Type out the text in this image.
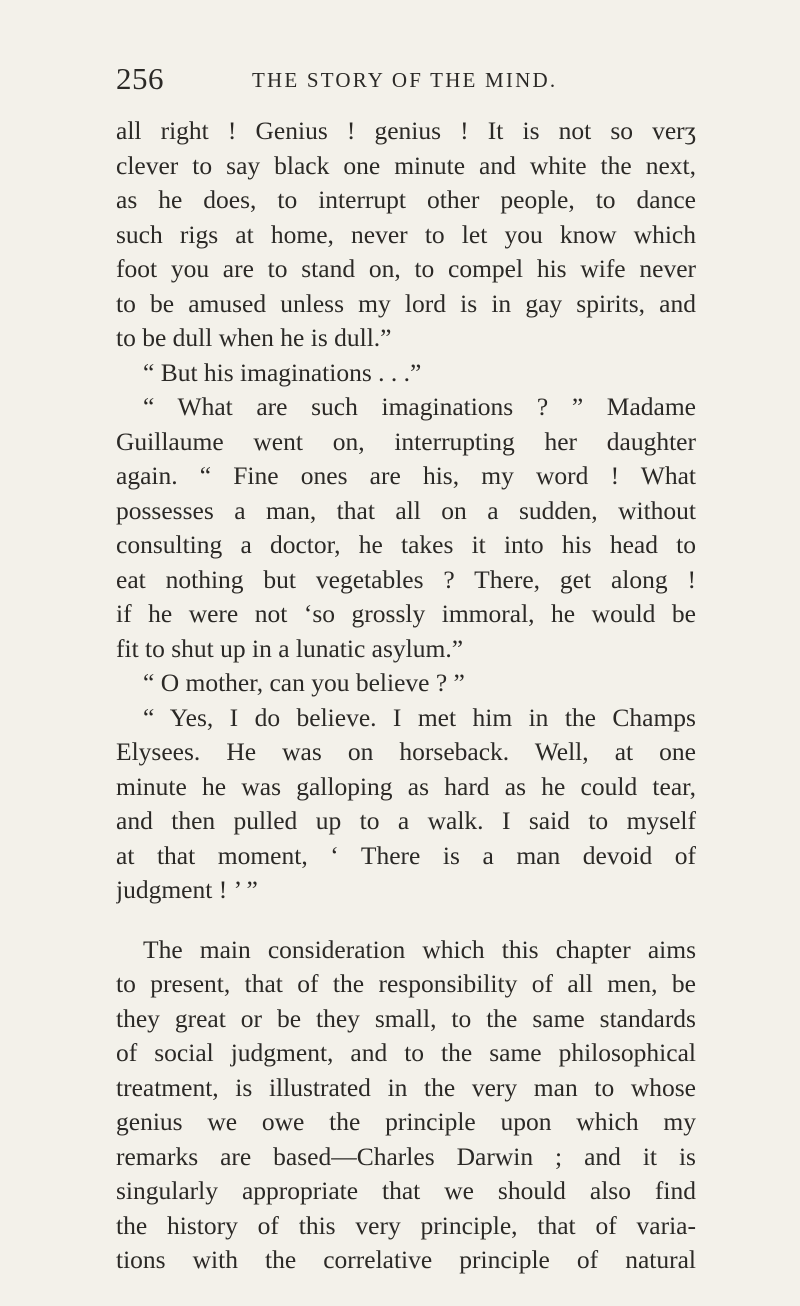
256	THE STORY OF THE MIND.
all right ! Genius ! genius ! It is not so verʒ
clever to say black one minute and white the next,
as he does, to interrupt other people, to dance
such rigs at home, never to let you know which
foot you are to stand on, to compel his wife never
to be amused unless my lord is in gay spirits, and
to be dull when he is dull.”
“ But his imaginations . . .”
“ What are such imaginations ? ” Madame
Guillaume went on, interrupting her daughter
again. “ Fine ones are his, my word ! What
possesses a man, that all on a sudden, without
consulting a doctor, he takes it into his head to
eat nothing but vegetables ? There, get along !
if he were not ‘so grossly immoral, he would be
fit to shut up in a lunatic asylum.”
“ O mother, can you believe ? ”
“ Yes, I do believe. I met him in the Champs
Elysees. He was on horseback. Well, at one
minute he was galloping as hard as he could tear,
and then pulled up to a walk. I said to myself
at that moment, ‘ There is a man devoid of
judgment ! ’ ”
The main consideration which this chapter aims
to present, that of the responsibility of all men, be
they great or be they small, to the same standards
of social judgment, and to the same philosophical
treatment, is illustrated in the very man to whose
genius we owe the principle upon which my
remarks are based—Charles Darwin ; and it is
singularly appropriate that we should also find
the history of this very principle, that of varia-
tions with the correlative principle of natural
